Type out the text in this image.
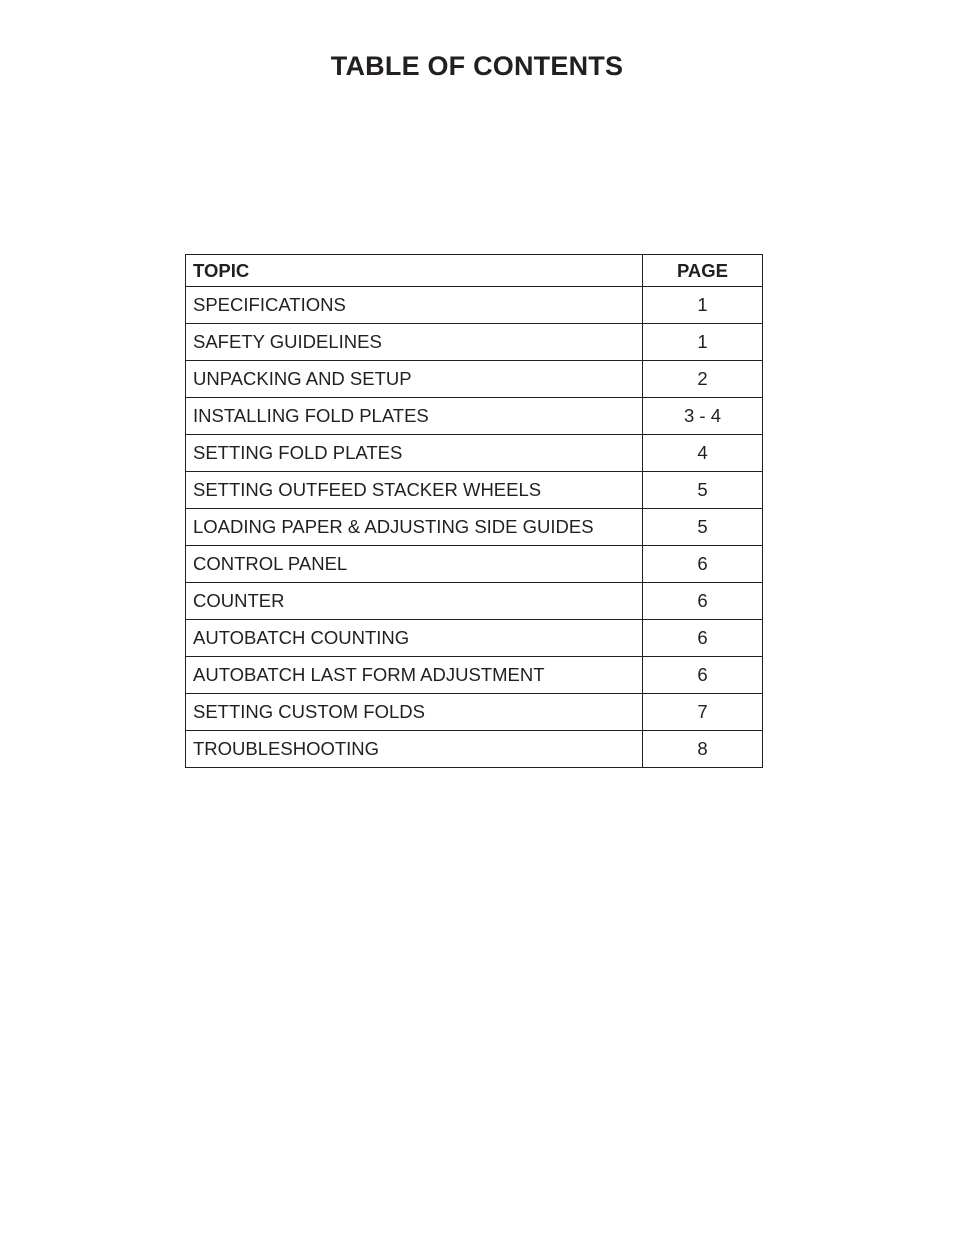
TABLE OF CONTENTS
TOPIC	PAGE
SPECIFICATIONS	1
SAFETY GUIDELINES	1
UNPACKING AND SETUP	2
INSTALLING FOLD PLATES	3 - 4
SETTING FOLD PLATES	4
SETTING OUTFEED STACKER WHEELS	5
LOADING PAPER & ADJUSTING SIDE GUIDES	5
CONTROL PANEL	6
COUNTER	6
AUTOBATCH COUNTING	6
AUTOBATCH LAST FORM ADJUSTMENT	6
SETTING CUSTOM FOLDS	7
TROUBLESHOOTING	8
